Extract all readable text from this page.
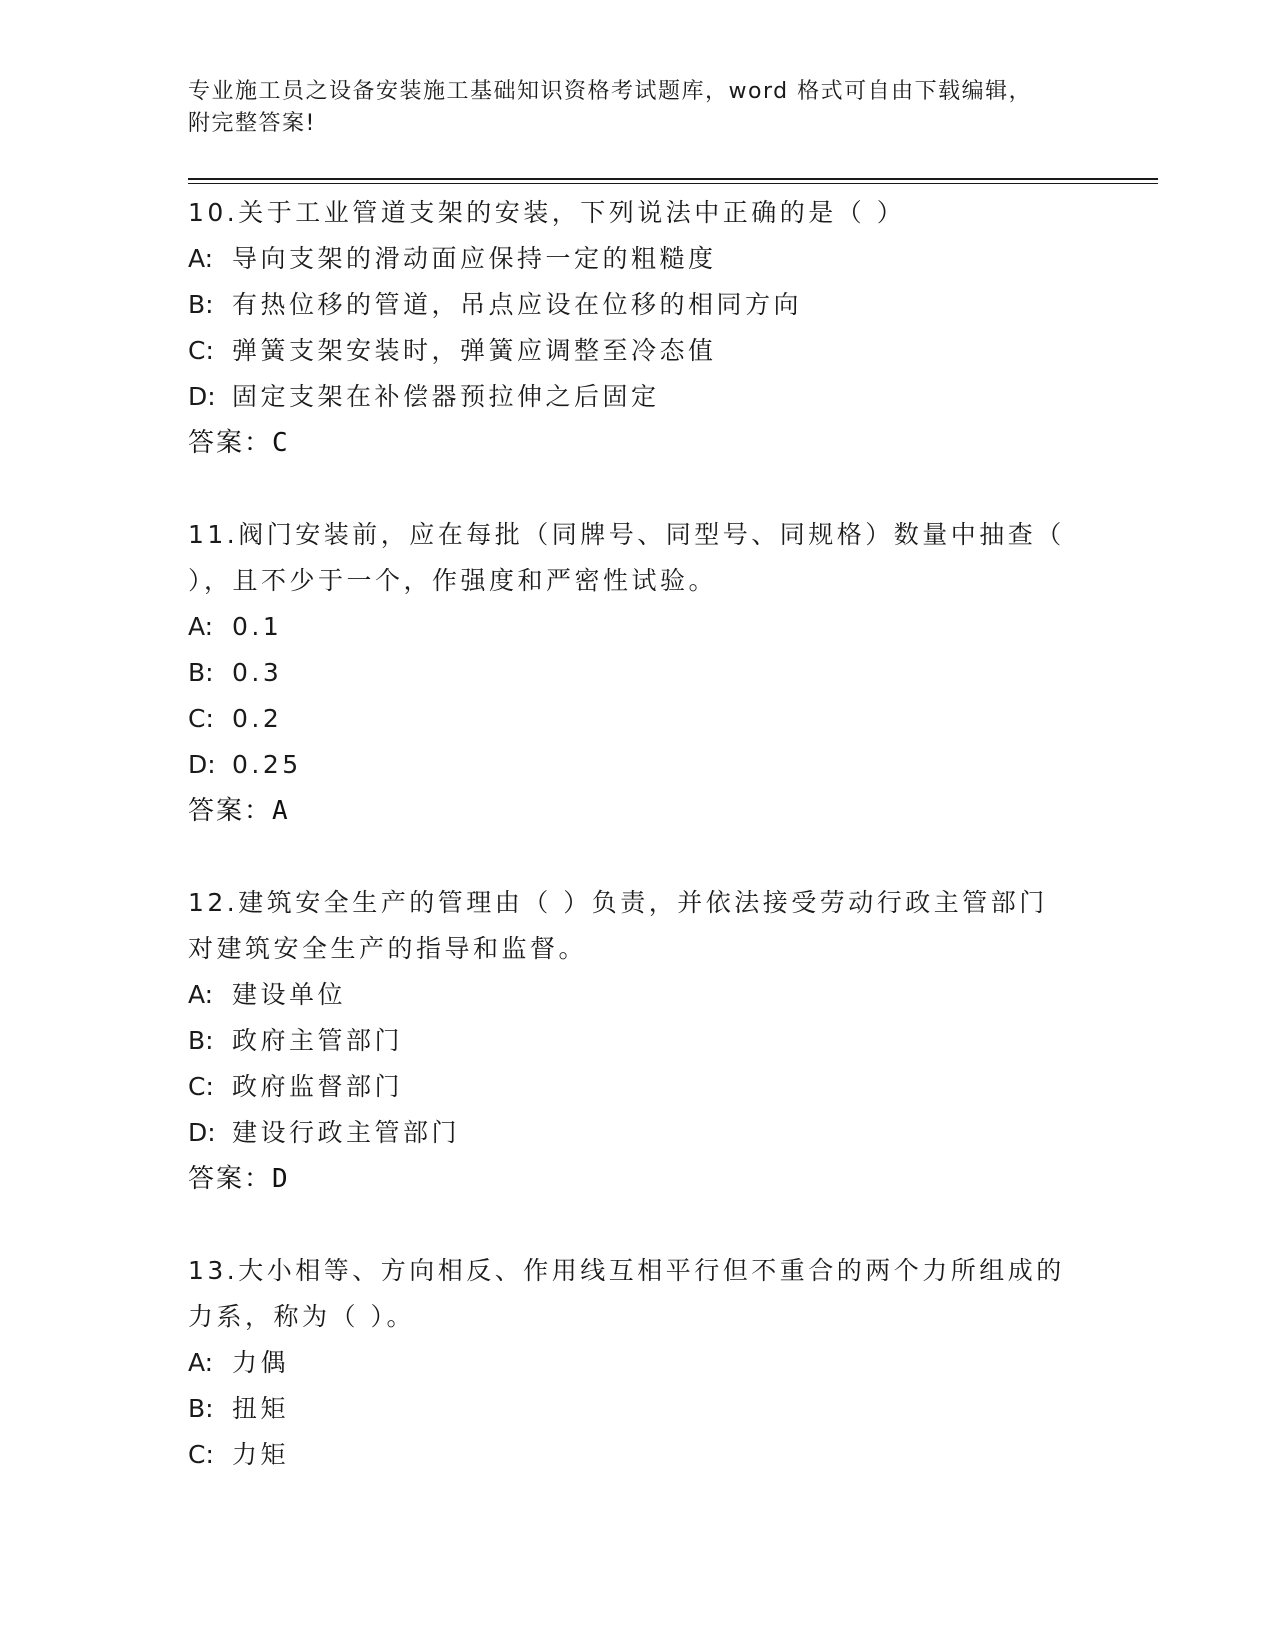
专业施工员之设备安装施工基础知识资格考试题库，word 格式可自由下载编辑，
附完整答案!
10.关于工业管道支架的安装，下列说法中正确的是（ ）
A: 导向支架的滑动面应保持一定的粗糙度
B: 有热位移的管道，吊点应设在位移的相同方向
C: 弹簧支架安装时，弹簧应调整至冷态值
D: 固定支架在补偿器预拉伸之后固定
答案：C
11.阀门安装前，应在每批（同牌号、同型号、同规格）数量中抽查（
），且不少于一个，作强度和严密性试验。
A: 0.1
B: 0.3
C: 0.2
D: 0.25
答案：A
12.建筑安全生产的管理由（ ）负责，并依法接受劳动行政主管部门
对建筑安全生产的指导和监督。
A: 建设单位
B: 政府主管部门
C: 政府监督部门
D: 建设行政主管部门
答案：D
13.大小相等、方向相反、作用线互相平行但不重合的两个力所组成的
力系，称为（ ）。
A: 力偶
B: 扭矩
C: 力矩
